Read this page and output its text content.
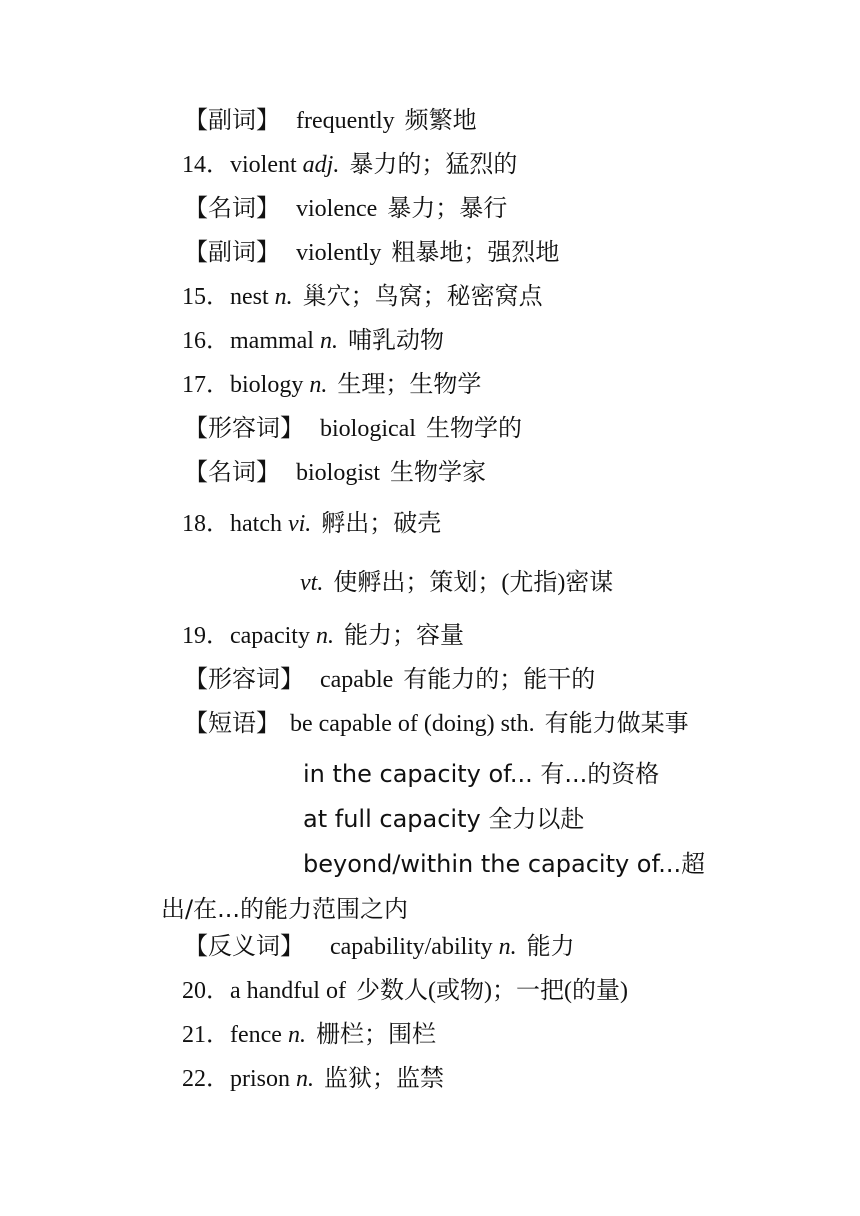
【副词】 frequently 频繁地
14．violent adj. 暴力的；猛烈的
【名词】 violence 暴力；暴行
【副词】 violently 粗暴地；强烈地
15．nest n. 巢穴；鸟窝；秘密窝点
16．mammal n. 哺乳动物
17．biology n. 生理；生物学
【形容词】 biological 生物学的
【名词】 biologist 生物学家
18．hatch vi. 孵出；破壳
vt. 使孵出；策划；(尤指)密谋
19．capacity n. 能力；容量
【形容词】 capable 有能力的；能干的
【短语】 be capable of (doing) sth. 有能力做某事
in the capacity of... 有...的资格
at full capacity 全力以赴
beyond/within the capacity of...超
出/在...的能力范围之内
【反义词】 capability/ability n. 能力
20．a handful of 少数人(或物)；一把(的量)
21．fence n. 栅栏；围栏
22．prison n. 监狱；监禁
